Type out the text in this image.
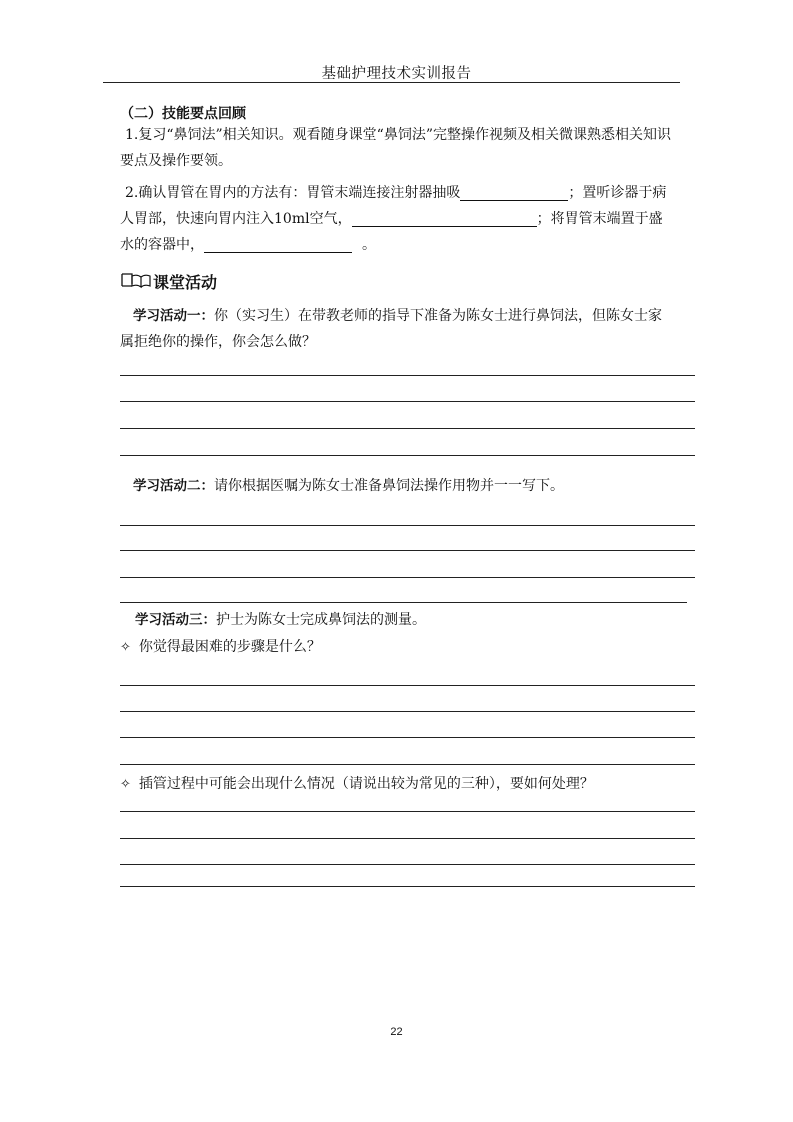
基础护理技术实训报告
（二）技能要点回顾
1.复习“鼻饲法”相关知识。观看随身课堂“鼻饲法”完整操作视频及相关微课熟悉相关知识要点及操作要领。
2.确认胃管在胃内的方法有：胃管末端连接注射器抽吸	；置听诊器于病人胃部，快速向胃内注入10ml空气，	；将胃管末端置于盛水的容器中，	。
课堂活动
学习活动一：你（实习生）在带教老师的指导下准备为陈女士进行鼻饲法，但陈女士家属拒绝你的操作，你会怎么做？
学习活动二：请你根据医嘱为陈女士准备鼻饲法操作用物并一一写下。
学习活动三：护士为陈女士完成鼻饲法的测量。
✧ 你觉得最困难的步骤是什么？
✧ 插管过程中可能会出现什么情况（请说出较为常见的三种），要如何处理？
22
